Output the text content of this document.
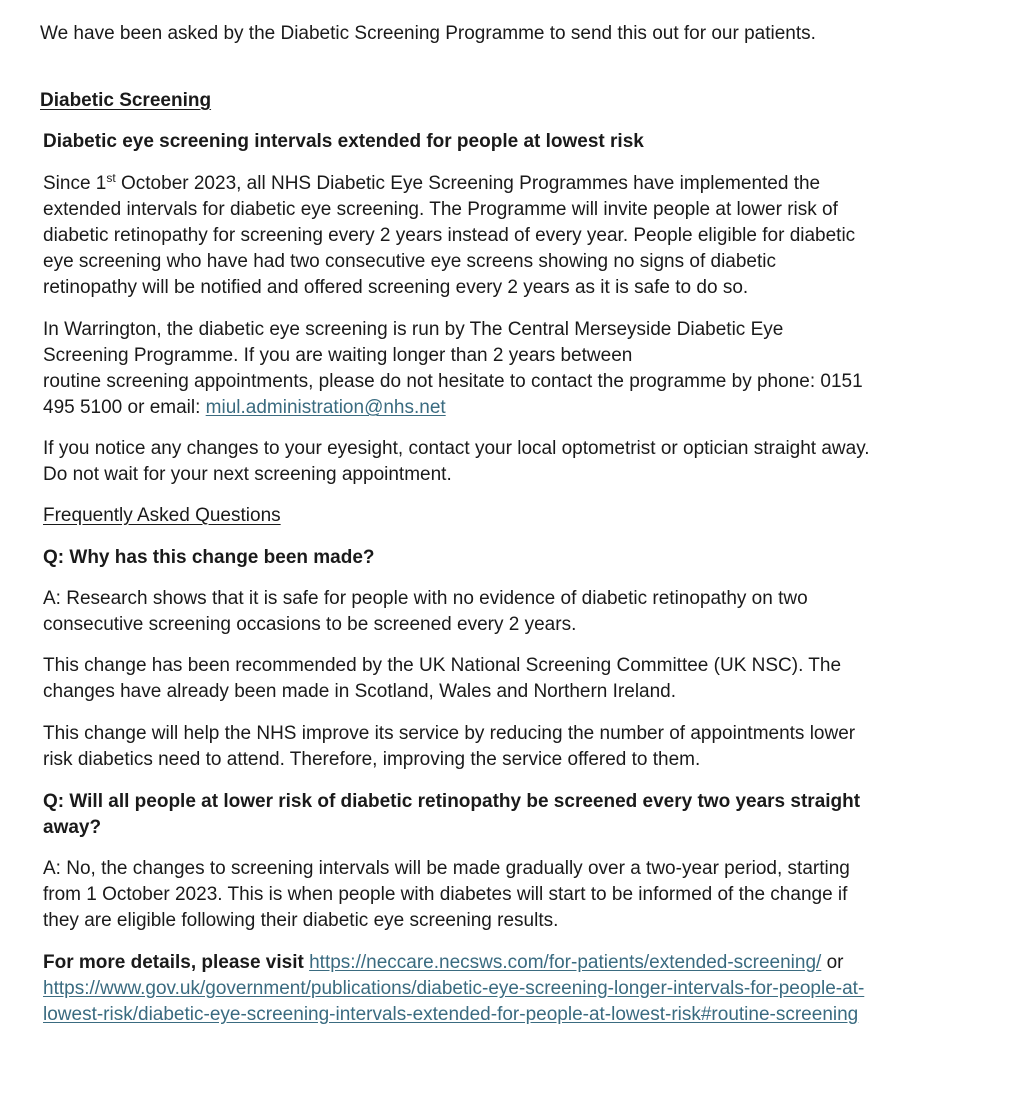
We have been asked by the Diabetic Screening Programme to send this out for our patients.

Diabetic Screening

Diabetic eye screening intervals extended for people at lowest risk

Since 1st October 2023, all NHS Diabetic Eye Screening Programmes have implemented the

extended intervals for diabetic eye screening. The Programme will invite people at lower risk of

diabetic retinopathy for screening every 2 years instead of every year. People eligible for diabetic

eye screening who have had two consecutive eye screens showing no signs of diabetic

retinopathy will be notified and offered screening every 2 years as it is safe to do so.

In Warrington, the diabetic eye screening is run by The Central Merseyside Diabetic Eye

Screening Programme. If you are waiting longer than 2 years between

routine screening appointments, please do not hesitate to contact the programme by phone: 0151

495 5100 or email: miul.administration@nhs.net

If you notice any changes to your eyesight, contact your local optometrist or optician straight away.

Do not wait for your next screening appointment.

Frequently Asked Questions

Q: Why has this change been made?

A: Research shows that it is safe for people with no evidence of diabetic retinopathy on two

consecutive screening occasions to be screened every 2 years.

This change has been recommended by the UK National Screening Committee (UK NSC). The

changes have already been made in Scotland, Wales and Northern Ireland.

This change will help the NHS improve its service by reducing the number of appointments lower

risk diabetics need to attend. Therefore, improving the service offered to them.

Q: Will all people at lower risk of diabetic retinopathy be screened every two years straight

away?

A: No, the changes to screening intervals will be made gradually over a two-year period, starting

from 1 October 2023. This is when people with diabetes will start to be informed of the change if

they are eligible following their diabetic eye screening results.

For more details, please visit https://neccare.necsws.com/for-patients/extended-screening/ or

https://www.gov.uk/government/publications/diabetic-eye-screening-longer-intervals-for-people-at-

lowest-risk/diabetic-eye-screening-intervals-extended-for-people-at-lowest-risk#routine-screening
